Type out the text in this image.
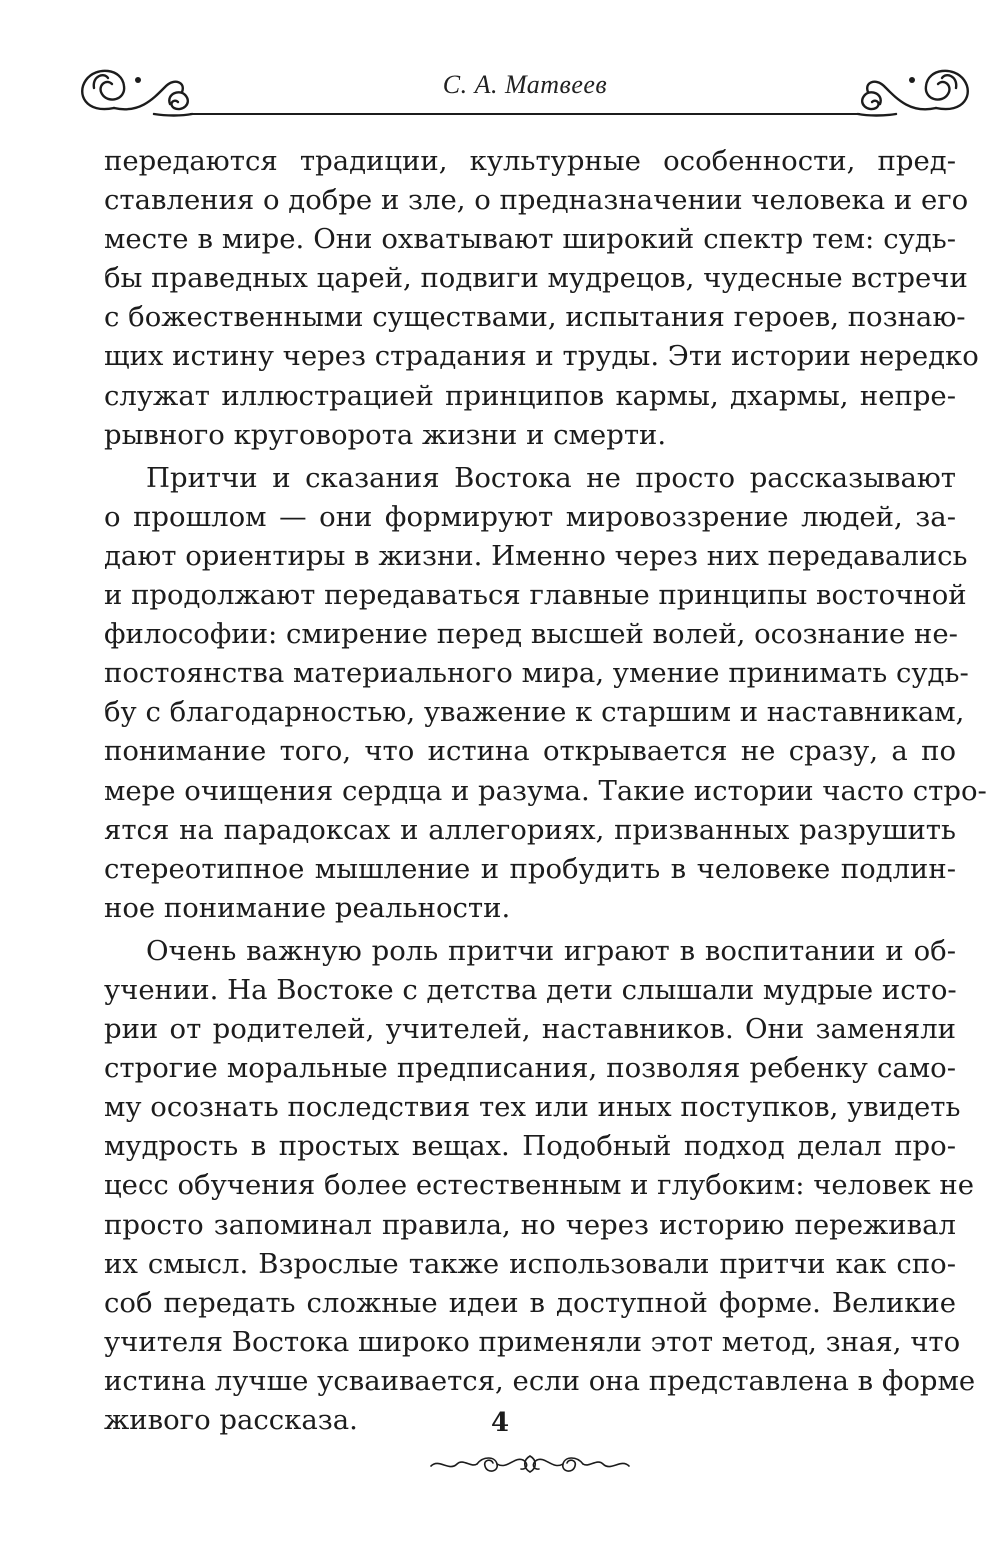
С. А. Матвеев
передаются традиции, культурные особенности, пред-
ставления о добре и зле, о предназначении человека и его
месте в мире. Они охватывают широкий спектр тем: судь-
бы праведных царей, подвиги мудрецов, чудесные встречи
с божественными существами, испытания героев, познаю-
щих истину через страдания и труды. Эти истории нередко
служат иллюстрацией принципов кармы, дхармы, непре-
рывного круговорота жизни и смерти.
Притчи и сказания Востока не просто рассказывают
о прошлом — они формируют мировоззрение людей, за-
дают ориентиры в жизни. Именно через них передавались
и продолжают передаваться главные принципы восточной
философии: смирение перед высшей волей, осознание не-
постоянства материального мира, умение принимать судь-
бу с благодарностью, уважение к старшим и наставникам,
понимание того, что истина открывается не сразу, а по
мере очищения сердца и разума. Такие истории часто стро-
ятся на парадоксах и аллегориях, призванных разрушить
стереотипное мышление и пробудить в человеке подлин-
ное понимание реальности.
Очень важную роль притчи играют в воспитании и об-
учении. На Востоке с детства дети слышали мудрые исто-
рии от родителей, учителей, наставников. Они заменяли
строгие моральные предписания, позволяя ребенку само-
му осознать последствия тех или иных поступков, увидеть
мудрость в простых вещах. Подобный подход делал про-
цесс обучения более естественным и глубоким: человек не
просто запоминал правила, но через историю переживал
их смысл. Взрослые также использовали притчи как спо-
соб передать сложные идеи в доступной форме. Великие
учителя Востока широко применяли этот метод, зная, что
истина лучше усваивается, если она представлена в форме
живого рассказа.	4
